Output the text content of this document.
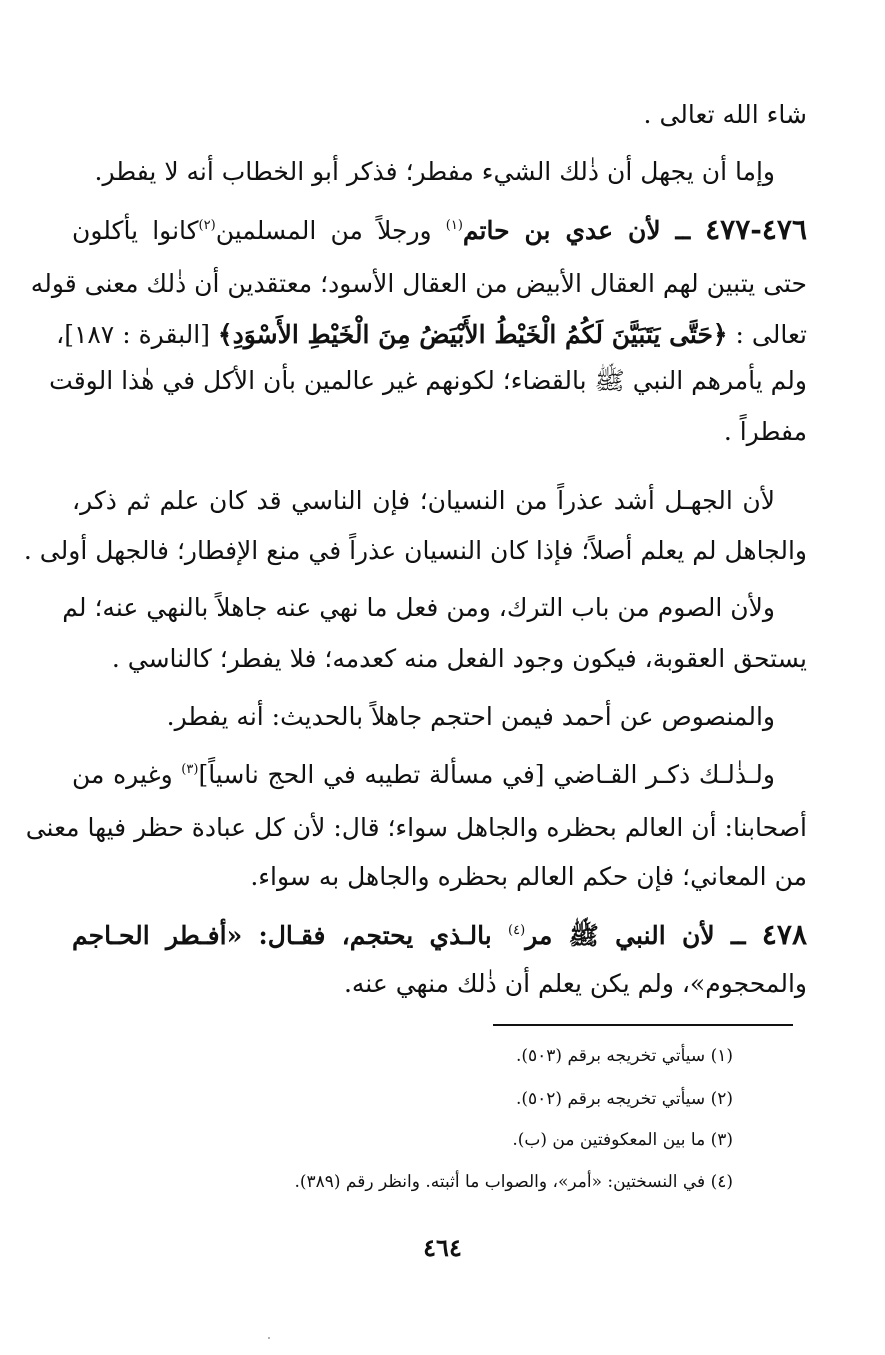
شاء الله تعالى .
وإما أن يجهل أن ذٰلك الشيء مفطر؛ فذكر أبو الخطاب أنه لا يفطر.
٤٧٦-٤٧٧ ــ لأن عدي بن حاتم$^{(١)}$ ورجلاً من المسلمين$^{(٢)}$كانوا يأكلون
حتى يتبين لهم العقال الأبيض من العقال الأسود؛ معتقدين أن ذٰلك معنى قوله
تعالى : ﴿حَتَّى يَتَبَيَّنَ لَكُمُ الْخَيْطُ الأَبْيَضُ مِنَ الْخَيْطِ الأَسْوَدِ﴾ [البقرة : ١٨٧]،
ولم يأمرهم النبي ﷺ بالقضاء؛ لكونهم غير عالمين بأن الأكل في هٰذا الوقت
مفطراً .
لأن الجهـل أشد عذراً من النسيان؛ فإن الناسي قد كان علم ثم ذكر،
والجاهل لم يعلم أصلاً؛ فإذا كان النسيان عذراً في منع الإفطار؛ فالجهل أولى .
ولأن الصوم من باب الترك، ومن فعل ما نهي عنه جاهلاً بالنهي عنه؛ لم
يستحق العقوبة، فيكون وجود الفعل منه كعدمه؛ فلا يفطر؛ كالناسي .
والمنصوص عن أحمد فيمن احتجم جاهلاً بالحديث: أنه يفطر.
ولـذٰلـك ذكـر القـاضي [في مسألة تطيبه في الحج ناسياً]$^{(٣)}$ وغيره من
أصحابنا: أن العالم بحظره والجاهل سواء؛ قال: لأن كل عبادة حظر فيها معنى
من المعاني؛ فإن حكم العالم بحظره والجاهل به سواء.
٤٧٨ ــ لأن النبي ﷺ مر$^{(٤)}$ بالـذي يحتجم، فقـال: «أفـطر الحـاجم
والمحجوم»، ولم يكن يعلم أن ذٰلك منهي عنه.
(١) سيأتي تخريجه برقم (٥٠٣).
(٢) سيأتي تخريجه برقم (٥٠٢).
(٣) ما بين المعكوفتين من (ب).
(٤) في النسختين: «أمر»، والصواب ما أثبته. وانظر رقم (٣٨٩).
٤٦٤
